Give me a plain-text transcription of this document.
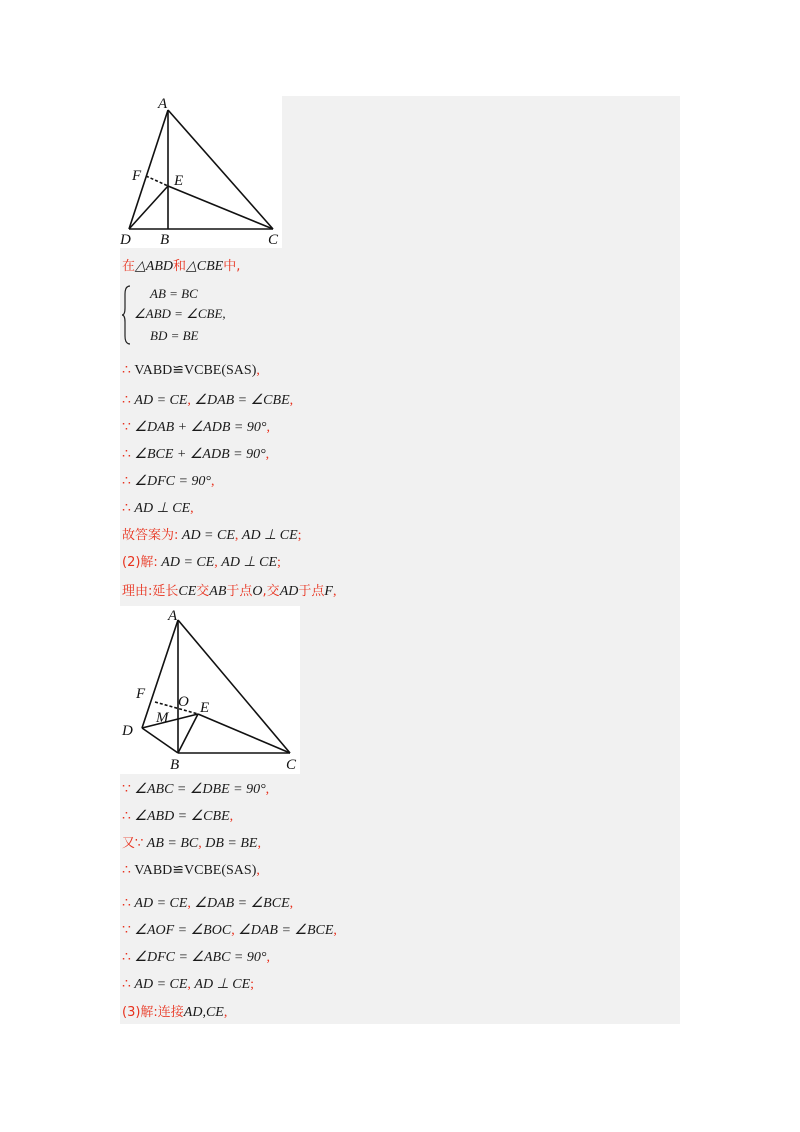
A
F E
D B	C
在△ABD和△CBE中,
AB = BC
∠ABD = ∠CBE,
BD = BE
∴ VABD≌VCBE(SAS),
∴ AD = CE, ∠DAB = ∠CBE,
∵ ∠DAB + ∠ADB = 90°,
∴ ∠BCE + ∠ADB = 90°,
∴ ∠DFC = 90°,
∴ AD ⊥ CE,
故答案为: AD = CE, AD ⊥ CE;
(2)解: AD = CE, AD ⊥ CE;
理由:延长CE交AB于点O,交AD于点F,
A
F O
M
E
D
B	C
∵ ∠ABC = ∠DBE = 90°,
∴ ∠ABD = ∠CBE,
又∵ AB = BC, DB = BE,
∴ VABD≌VCBE(SAS),
∴ AD = CE, ∠DAB = ∠BCE,
∵ ∠AOF = ∠BOC, ∠DAB = ∠BCE,
∴ ∠DFC = ∠ABC = 90°,
∴ AD = CE, AD ⊥ CE;
(3)解:连接AD,CE,
